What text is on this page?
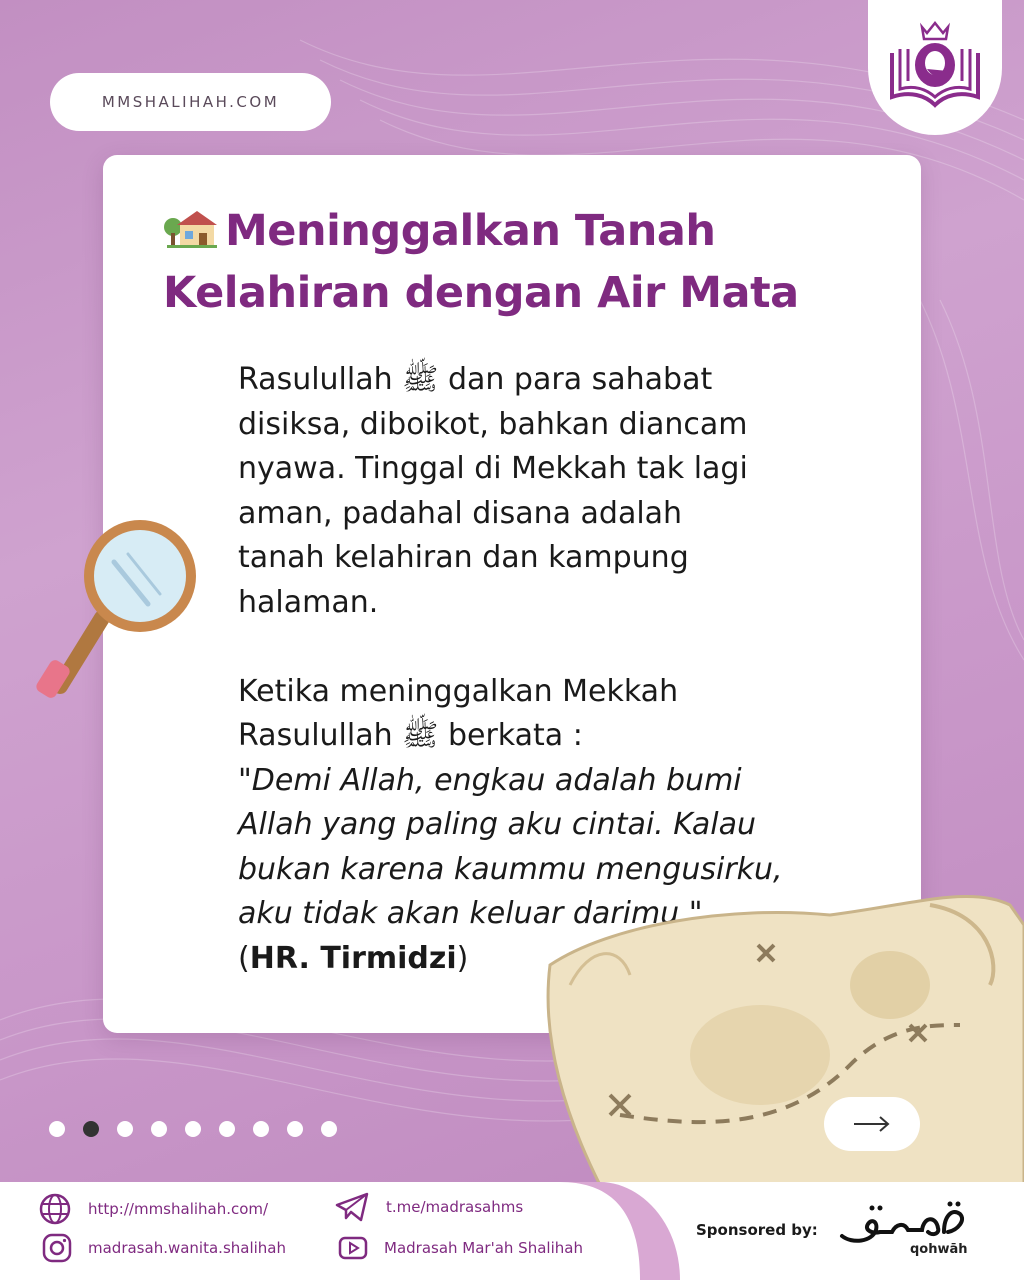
MMSHALIHAH.COM
Meninggalkan Tanah
Kelahiran dengan Air Mata

Rasulullah ﷺ dan para sahabat

disiksa, diboikot, bahkan diancam

nyawa. Tinggal di Mekkah tak lagi

aman, padahal disana adalah

tanah kelahiran dan kampung

halaman.

Ketika meninggalkan Mekkah

Rasulullah ﷺ berkata :

"Demi Allah, engkau adalah bumi

Allah yang paling aku cintai. Kalau

bukan karena kaummu mengusirku,

aku tidak akan keluar darimu."

(HR. Tirmidzi)

http://mmshalihah.com/
madrasah.wanita.shalihah
t.me/madrasahms
Madrasah Mar'ah Shalihah
Sponsored by:
qohwāh
